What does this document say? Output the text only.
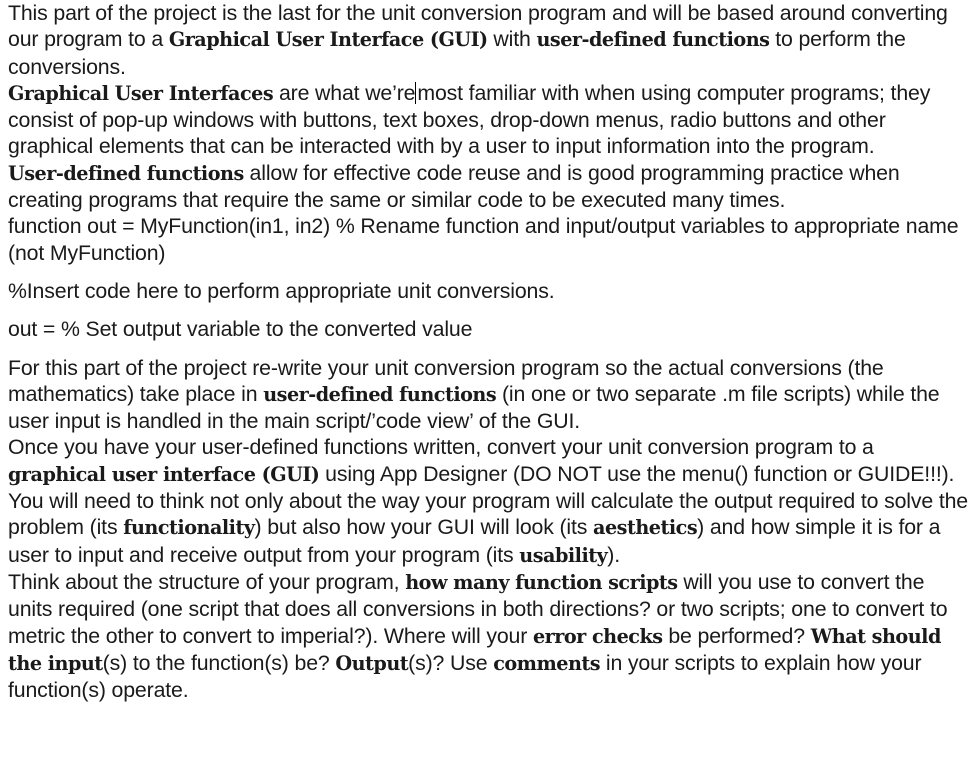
This part of the project is the last for the unit conversion program and will be based around converting our program to a Graphical User Interface (GUI) with user-defined functions to perform the conversions.

Graphical User Interfaces are what we’remost familiar with when using computer programs; they consist of pop-up windows with buttons, text boxes, drop-down menus, radio buttons and other graphical elements that can be interacted with by a user to input information into the program.

User-defined functions allow for effective code reuse and is good programming practice when creating programs that require the same or similar code to be executed many times.

function out = MyFunction(in1, in2) % Rename function and input/output variables to appropriate name (not MyFunction)

%Insert code here to perform appropriate unit conversions.

out = % Set output variable to the converted value

For this part of the project re-write your unit conversion program so the actual conversions (the mathematics) take place in user-defined functions (in one or two separate .m file scripts) while the user input is handled in the main script/’code view’ of the GUI.

Once you have your user-defined functions written, convert your unit conversion program to a graphical user interface (GUI) using App Designer (DO NOT use the menu() function or GUIDE!!!).

You will need to think not only about the way your program will calculate the output required to solve the problem (its functionality) but also how your GUI will look (its aesthetics) and how simple it is for a user to input and receive output from your program (its usability).

Think about the structure of your program, how many function scripts will you use to convert the units required (one script that does all conversions in both directions? or two scripts; one to convert to metric the other to convert to imperial?). Where will your error checks be performed? What should the input(s) to the function(s) be? Output(s)? Use comments in your scripts to explain how your function(s) operate.
